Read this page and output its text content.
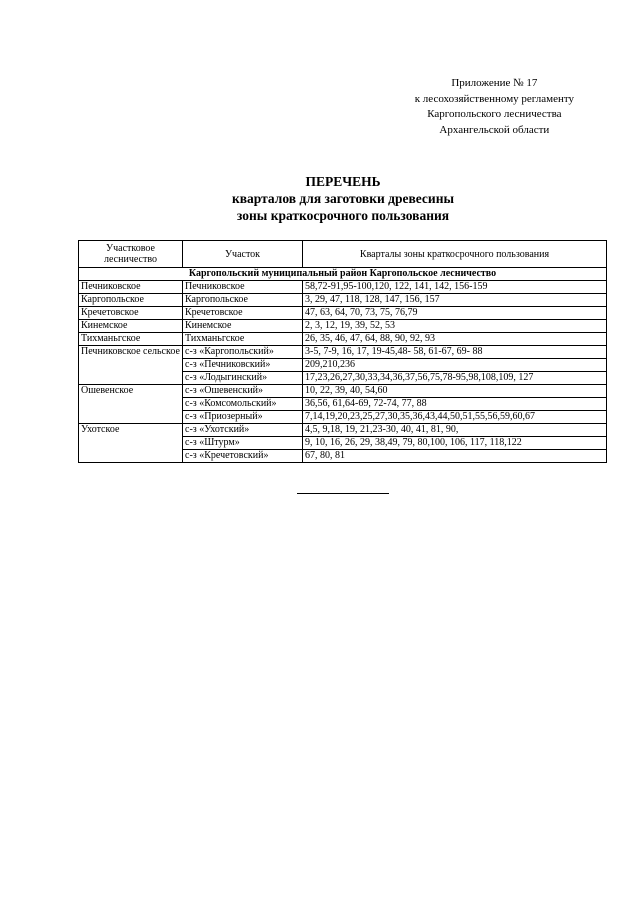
Приложение № 17
к лесохозяйственному регламенту
Каргопольского лесничества
Архангельской области
ПЕРЕЧЕНЬ
кварталов для заготовки древесины
зоны краткосрочного пользования
Участковое лесничество	Участок	Кварталы зоны краткосрочного пользования
Каргопольский муниципальный район Каргопольское лесничество		
Печниковское	Печниковское	58,72-91,95-100,120, 122, 141, 142, 156-159
Каргопольское	Каргопольское	3, 29, 47, 118, 128, 147, 156, 157
Кречетовское	Кречетовское	47, 63, 64, 70, 73, 75, 76,79
Кинемское	Кинемское	2, 3, 12, 19, 39, 52, 53
Тихманьгское	Тихманьгское	26, 35, 46, 47, 64, 88, 90, 92, 93
Печниковское сельское	с-з «Каргопольский»	3-5, 7-9, 16, 17, 19-45,48- 58, 61-67, 69- 88
	с-з «Печниковский»	209,210,236
	с-з «Лодыгинский»	17,23,26,27,30,33,34,36,37,56,75,78-95,98,108,109, 127
Ошевенское	с-з «Ошевенский»	10, 22, 39, 40, 54,60
	с-з «Комсомольский»	36,56, 61,64-69, 72-74, 77, 88
	с-з «Приозерный»	7,14,19,20,23,25,27,30,35,36,43,44,50,51,55,56,59,60,67
Ухотское	с-з «Ухотский»	4,5, 9,18, 19, 21,23-30, 40, 41, 81, 90,
	с-з «Штурм»	9, 10, 16, 26, 29, 38,49, 79, 80,100, 106, 117, 118,122
	с-з «Кречетовский»	67, 80, 81
